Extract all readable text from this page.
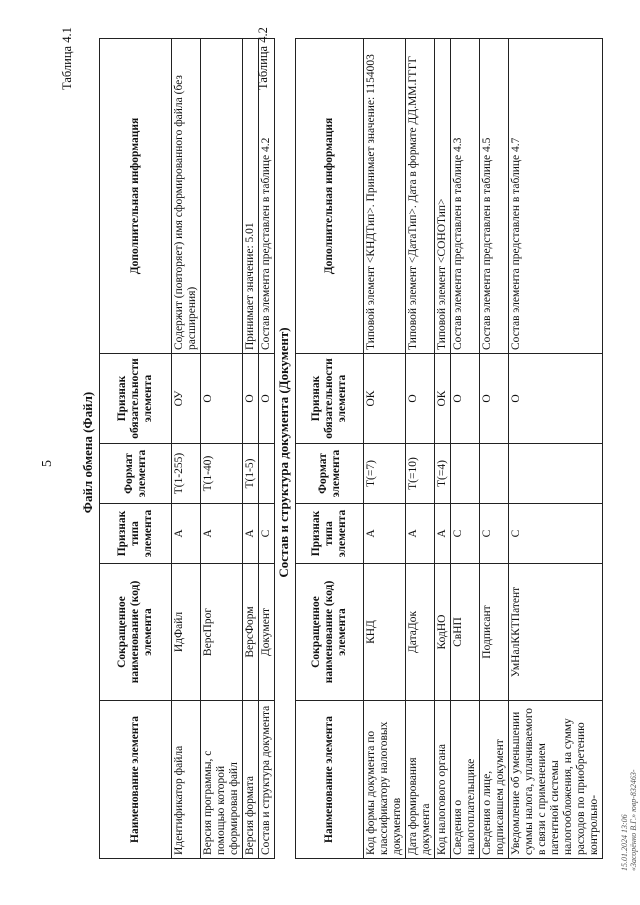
5
Таблица 4.1
Файл обмена (Файл)
Наименование элемента	Сокращенное наименование (код) элемента	Признак типа элемента	Формат элемента	Признак обязательности элемента	Дополнительная информация
Идентификатор файла	ИдФайл	А	Т(1-255)	ОУ	Содержит (повторяет) имя сформированного файла (без расширения)
Версия программы, с помощью которой сформирован файл	ВерсПрог	А	Т(1-40)	О	
Версия формата	ВерсФорм	А	Т(1-5)	О	Принимает значение: 5.01
Состав и структура документа	Документ	С		О	Состав элемента представлен в таблице 4.2
Таблица 4.2
Состав и структура документа (Документ)
Наименование элемента	Сокращенное наименование (код) элемента	Признак типа элемента	Формат элемента	Признак обязательности элемента	Дополнительная информация
Код формы документа по классификатору налоговых документов	КНД	А	Т(=7)	ОК	Типовой элемент <КНДТип>. Принимает значение: 1154003
Дата формирования документа	ДатаДок	А	Т(=10)	О	Типовой элемент <ДатаТип>. Дата в формате ДД.ММ.ГГГГ
Код налогового органа	КодНО	А	Т(=4)	ОК	Типовой элемент <СОНОТип>
Сведения о налогоплательщике	СвНП	С		О	Состав элемента представлен в таблице 4.3
Сведения о лице, подписавшем документ	Подписант	С		О	Состав элемента представлен в таблице 4.5
Уведомление об уменьшении суммы налога, уплачиваемого в связи с применением патентной системы налогообложения, на сумму расходов по приобретению контрольно-	УмНалККТПатент	С		О	Состав элемента представлен в таблице 4.7
15.01.2024 13:06 «Засорёнко В.Г.» ювр-832463-
